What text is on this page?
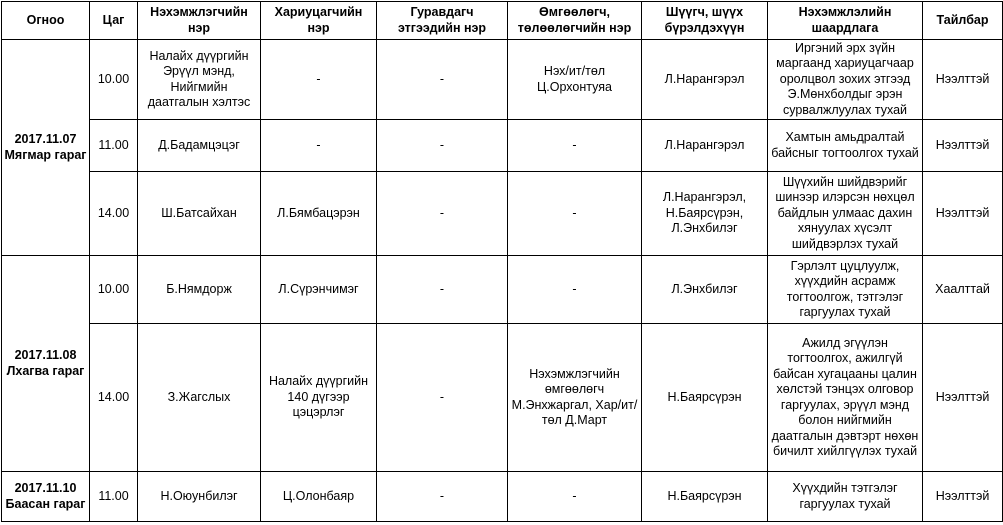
Огноо	Цаг	Нэхэмжлэгчийн нэр	Хариуцагчийн нэр	Гуравдагч этгээдийн нэр	Өмгөөлөгч, төлөөлөгчийн нэр	Шүүгч, шүүх бүрэлдэхүүн	Нэхэмжлэлийн шаардлага	Тайлбар
2017.11.07 Мягмар гараг	10.00	Налайх дүүргийн Эрүүл мэнд, Нийгмийн даатгалын хэлтэс	-	-	Нэх/ит/төл Ц.Орхонтуяа	Л.Нарангэрэл	Иргэний эрх зүйн маргаанд хариуцагчаар оролцвол зохих этгээд Э.Мөнхболдыг эрэн сурвалжлуулах тухай	Нээлттэй
	11.00	Д.Бадамцэцэг	-	-	-	Л.Нарангэрэл	Хамтын амьдралтай байсныг тогтоолгох тухай	Нээлттэй
	14.00	Ш.Батсайхан	Л.Бямбацэрэн	-	-	Л.Нарангэрэл, Н.Баярсүрэн, Л.Энхбилэг	Шүүхийн шийдвэрийг шинээр илэрсэн нөхцөл байдлын улмаас дахин хянуулах хүсэлт шийдвэрлэх тухай	Нээлттэй
2017.11.08 Лхагва гараг	10.00	Б.Нямдорж	Л.Сүрэнчимэг	-	-	Л.Энхбилэг	Гэрлэлт цуцлуулж, хүүхдийн асрамж тогтоолгож, тэтгэлэг гаргуулах тухай	Хаалттай
	14.00	З.Жагслых	Налайх дүүргийн 140 дүгээр цэцэрлэг	-	Нэхэмжлэгчийн өмгөөлөгч М.Энхжаргал, Хар/ит/төл Д.Март	Н.Баярсүрэн	Ажилд эгүүлэн тогтоолгох, ажилгүй байсан хугацааны цалин хөлстэй тэнцэх олговор гаргуулах, эрүүл мэнд болон нийгмийн даатгалын дэвтэрт нөхөн бичилт хийлгүүлэх тухай	Нээлттэй
2017.11.10 Баасан гараг	11.00	Н.Оюунбилэг	Ц.Олонбаяр	-	-	Н.Баярсүрэн	Хүүхдийн тэтгэлэг гаргуулах тухай	Нээлттэй
